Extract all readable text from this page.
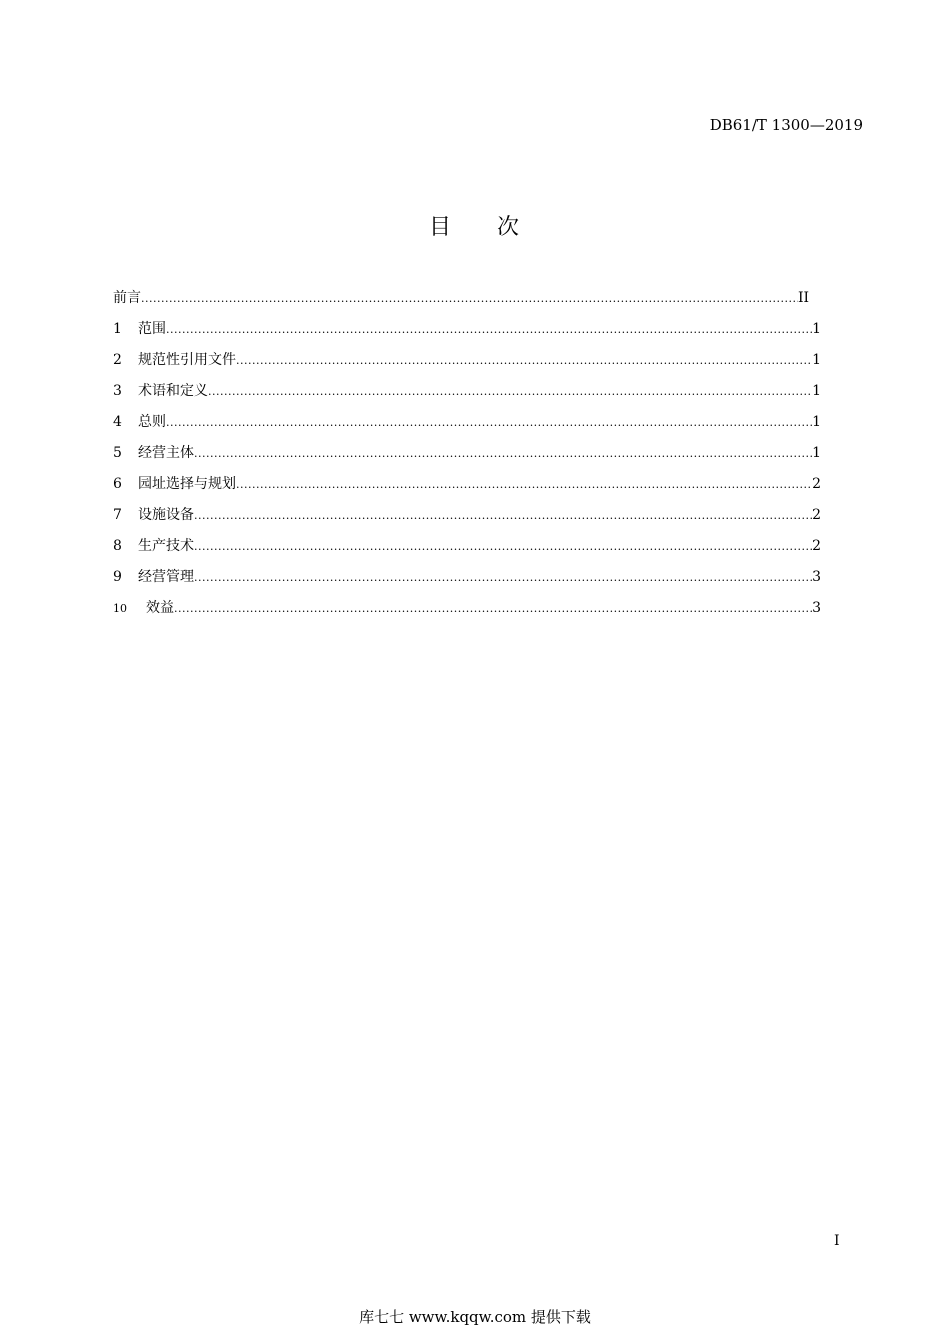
DB61/T 1300—2019
目 次
前言 .....	II
1	范围 .....	1
2	规范性引用文件 .....	1
3	术语和定义 .....	1
4	总则 .....	1
5	经营主体 .....	1
6	园址选择与规划 .....	2
7	设施设备 .....	2
8	生产技术 .....	2
9	经营管理 .....	3
10	效益 .....	3
I
库七七 www.kqqw.com 提供下载
